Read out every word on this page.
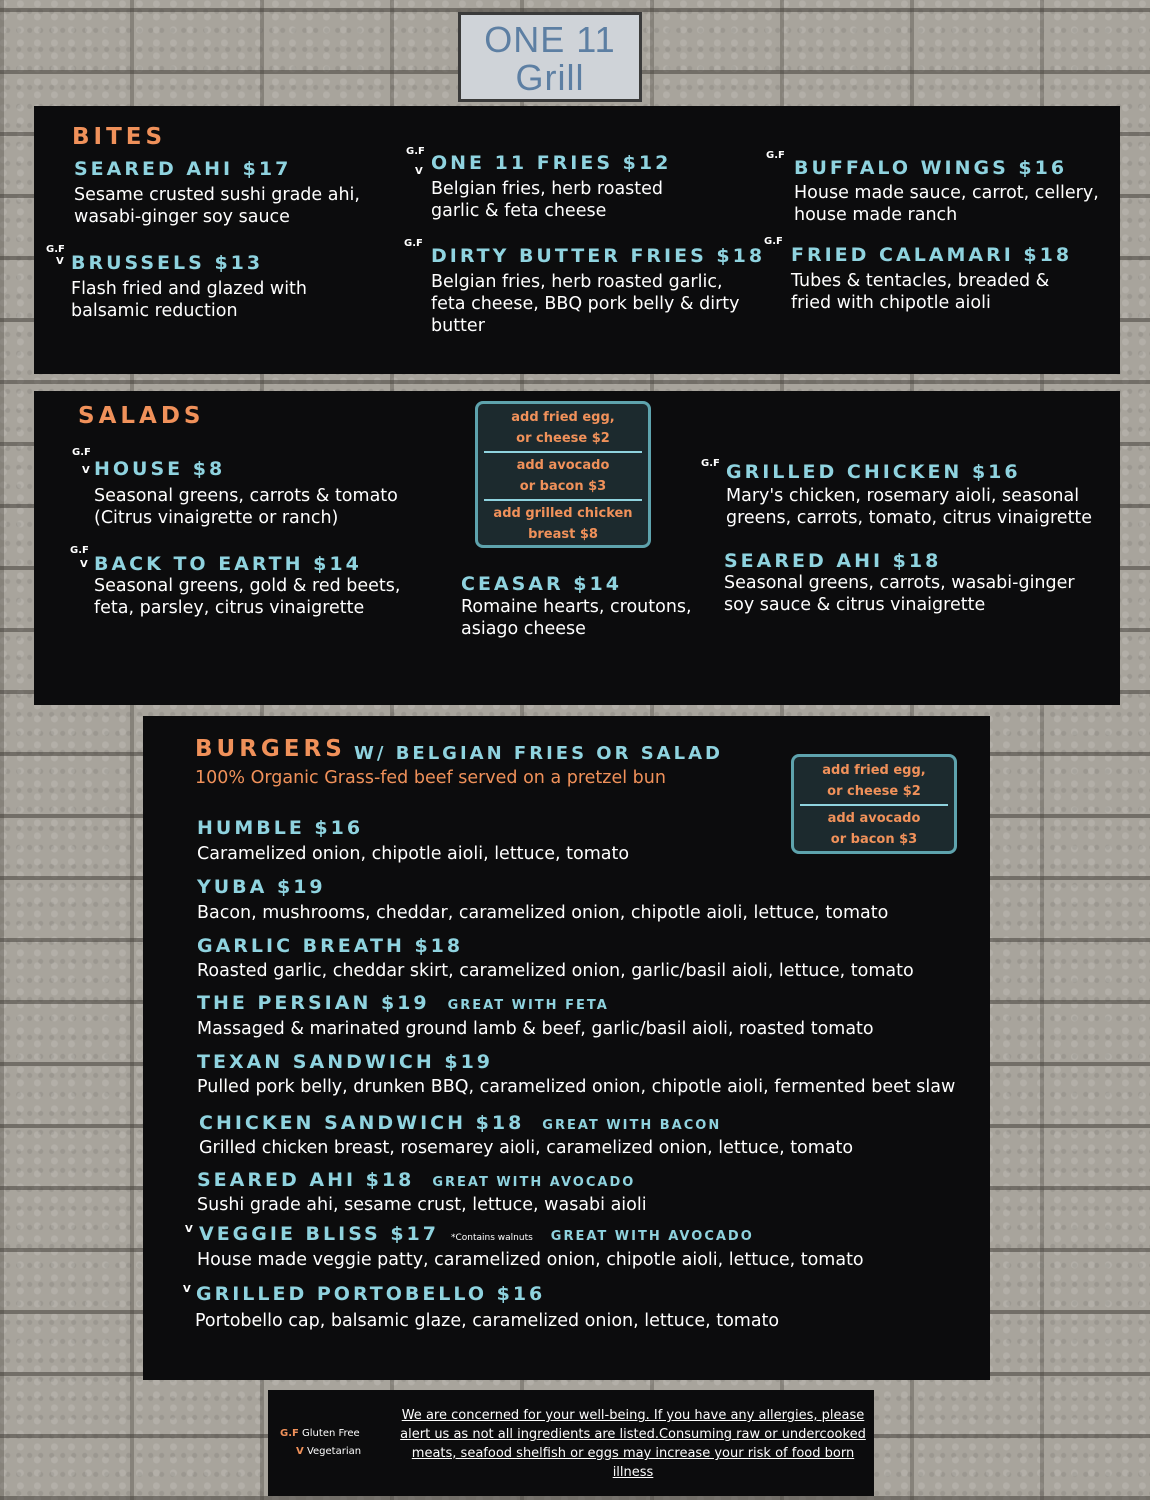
ONE 11
Grill
BITES
SEARED AHI $17
Sesame crusted sushi grade ahi, wasabi-ginger soy sauce
G.F
V BRUSSELS $13
Flash fried and glazed with balsamic reduction
G.F
V ONE 11 FRIES $12
Belgian fries, herb roasted garlic & feta cheese
G.F
DIRTY BUTTER FRIES $18
Belgian fries, herb roasted garlic, feta cheese, BBQ pork belly & dirty butter
G.F
BUFFALO WINGS $16
House made sauce, carrot, cellery, house made ranch
G.F
FRIED CALAMARI $18
Tubes & tentacles, breaded & fried with chipotle aioli
SALADS
G.F
V HOUSE $8
Seasonal greens, carrots & tomato (Citrus vinaigrette or ranch)
G.F
V BACK TO EARTH $14
Seasonal greens, gold & red beets, feta, parsley, citrus vinaigrette
add fried egg,
or cheese $2
add avocado
or bacon $3
add grilled chicken
breast $8
CEASAR $14
Romaine hearts, croutons, asiago cheese
G.F GRILLED CHICKEN $16
Mary's chicken, rosemary aioli, seasonal greens, carrots, tomato, citrus vinaigrette
SEARED AHI $18
Seasonal greens, carrots, wasabi-ginger soy sauce & citrus vinaigrette
BURGERS W/ BELGIAN FRIES OR SALAD
100% Organic Grass-fed beef served on a pretzel bun	add fried egg,
or cheese $2
add avocado
or bacon $3
HUMBLE $16
Caramelized onion, chipotle aioli, lettuce, tomato
YUBA $19
Bacon, mushrooms, cheddar, caramelized onion, chipotle aioli, lettuce, tomato
GARLIC BREATH $18
Roasted garlic, cheddar skirt, caramelized onion, garlic/basil aioli, lettuce, tomato
THE PERSIAN $19 GREAT WITH FETA
Massaged & marinated ground lamb & beef, garlic/basil aioli, roasted tomato
TEXAN SANDWICH $19
Pulled pork belly, drunken BBQ, caramelized onion, chipotle aioli, fermented beet slaw
CHICKEN SANDWICH $18 GREAT WITH BACON
Grilled chicken breast, rosemarey aioli, caramelized onion, lettuce, tomato
SEARED AHI $18 GREAT WITH AVOCADO
Sushi grade ahi, sesame crust, lettuce, wasabi aioli
V VEGGIE BLISS $17 *Contains walnuts GREAT WITH AVOCADO
House made veggie patty, caramelized onion, chipotle aioli, lettuce, tomato
V GRILLED PORTOBELLO $16
Portobello cap, balsamic glaze, caramelized onion, lettuce, tomato
G.F Gluten Free
V Vegetarian
We are concerned for your well-being. If you have any allergies, please alert us as not all ingredients are listed.Consuming raw or undercooked meats, seafood shelfish or eggs may increase your risk of food born illness
